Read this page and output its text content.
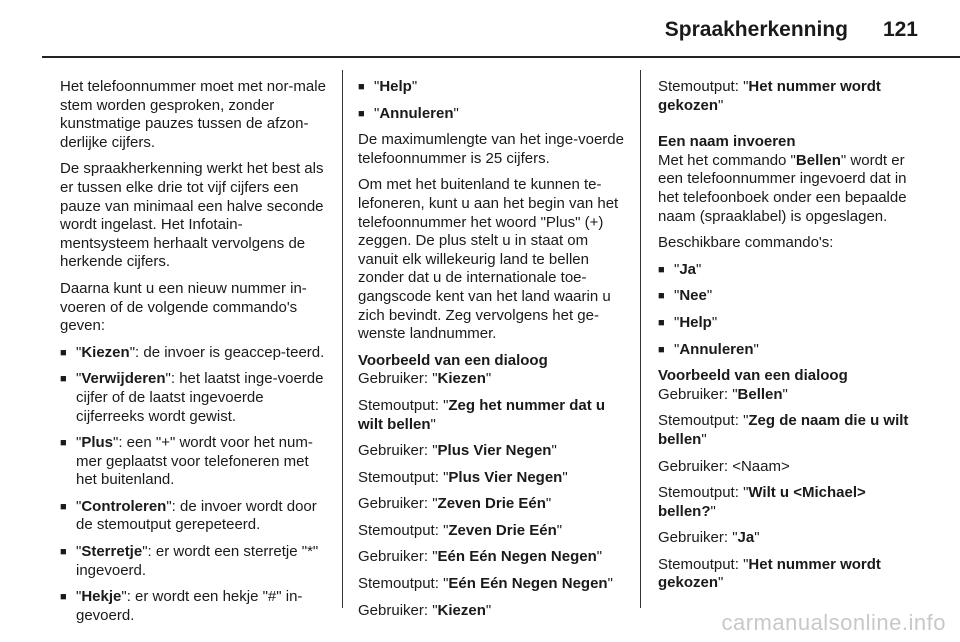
Spraakherkenning 121

Het telefoonnummer moet met nor-male stem worden gesproken, zonder kunstmatige pauzes tussen de afzon-derlijke cijfers.

De spraakherkenning werkt het best als er tussen elke drie tot vijf cijfers een pauze van minimaal een halve seconde wordt ingelast. Het Infotain-mentsysteem herhaalt vervolgens de herkende cijfers.

Daarna kunt u een nieuw nummer in-voeren of de volgende commando's geven:

■ "Kiezen": de invoer is geaccep-teerd.
■ "Verwijderen": het laatst inge-voerde cijfer of de laatst ingevoerde cijferreeks wordt gewist.
■ "Plus": een "+" wordt voor het num-mer geplaatst voor telefoneren met het buitenland.
■ "Controleren": de invoer wordt door de stemoutput gerepeteerd.
■ "Sterretje": er wordt een sterretje "*" ingevoerd.
■ "Hekje": er wordt een hekje "#" in-gevoerd.
■ "Help"
■ "Annuleren"

De maximumlengte van het inge-voerde telefoonnummer is 25 cijfers.

Om met het buitenland te kunnen te-lefoneren, kunt u aan het begin van het telefoonnummer het woord "Plus" (+) zeggen. De plus stelt u in staat om vanuit elk willekeurig land te bellen zonder dat u de internationale toe-gangscode kent van het land waarin u zich bevindt. Zeg vervolgens het ge-wenste landnummer.

Voorbeeld van een dialoog

Gebruiker: "Kiezen"

Stemoutput: "Zeg het nummer dat u wilt bellen"

Gebruiker: "Plus Vier Negen"

Stemoutput: "Plus Vier Negen"

Gebruiker: "Zeven Drie Eén"

Stemoutput: "Zeven Drie Eén"

Gebruiker: "Eén Eén Negen Negen"

Stemoutput: "Eén Eén Negen Negen"

Gebruiker: "Kiezen"

Stemoutput: "Het nummer wordt gekozen"

Een naam invoeren

Met het commando "Bellen" wordt er een telefoonnummer ingevoerd dat in het telefoonboek onder een bepaalde naam (spraaklabel) is opgeslagen.

Beschikbare commando's:

■ "Ja"
■ "Nee"
■ "Help"
■ "Annuleren"

Voorbeeld van een dialoog

Gebruiker: "Bellen"

Stemoutput: "Zeg de naam die u wilt bellen"

Gebruiker: <Naam>

Stemoutput: "Wilt u <Michael> bellen?"

Gebruiker: "Ja"

Stemoutput: "Het nummer wordt gekozen"

carmanualsonline.info
